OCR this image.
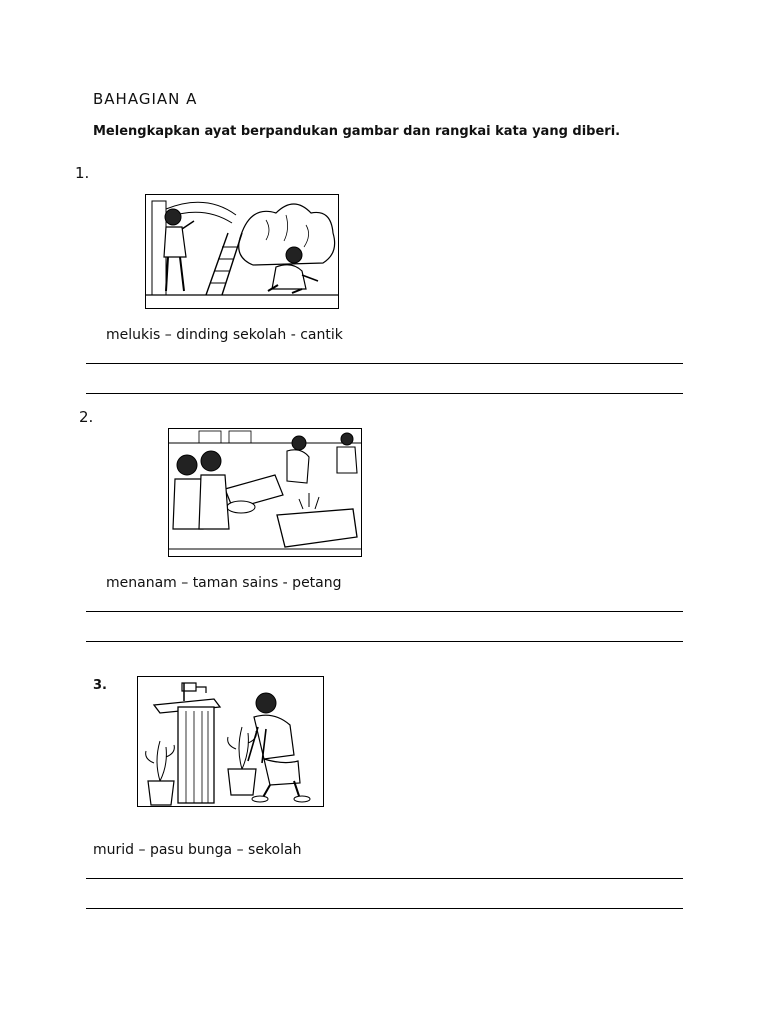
BAHAGIAN A
Melengkapkan ayat berpandukan gambar dan rangkai kata yang diberi.
1.
melukis – dinding sekolah - cantik
2.
menanam – taman sains - petang
3.
murid – pasu bunga – sekolah
